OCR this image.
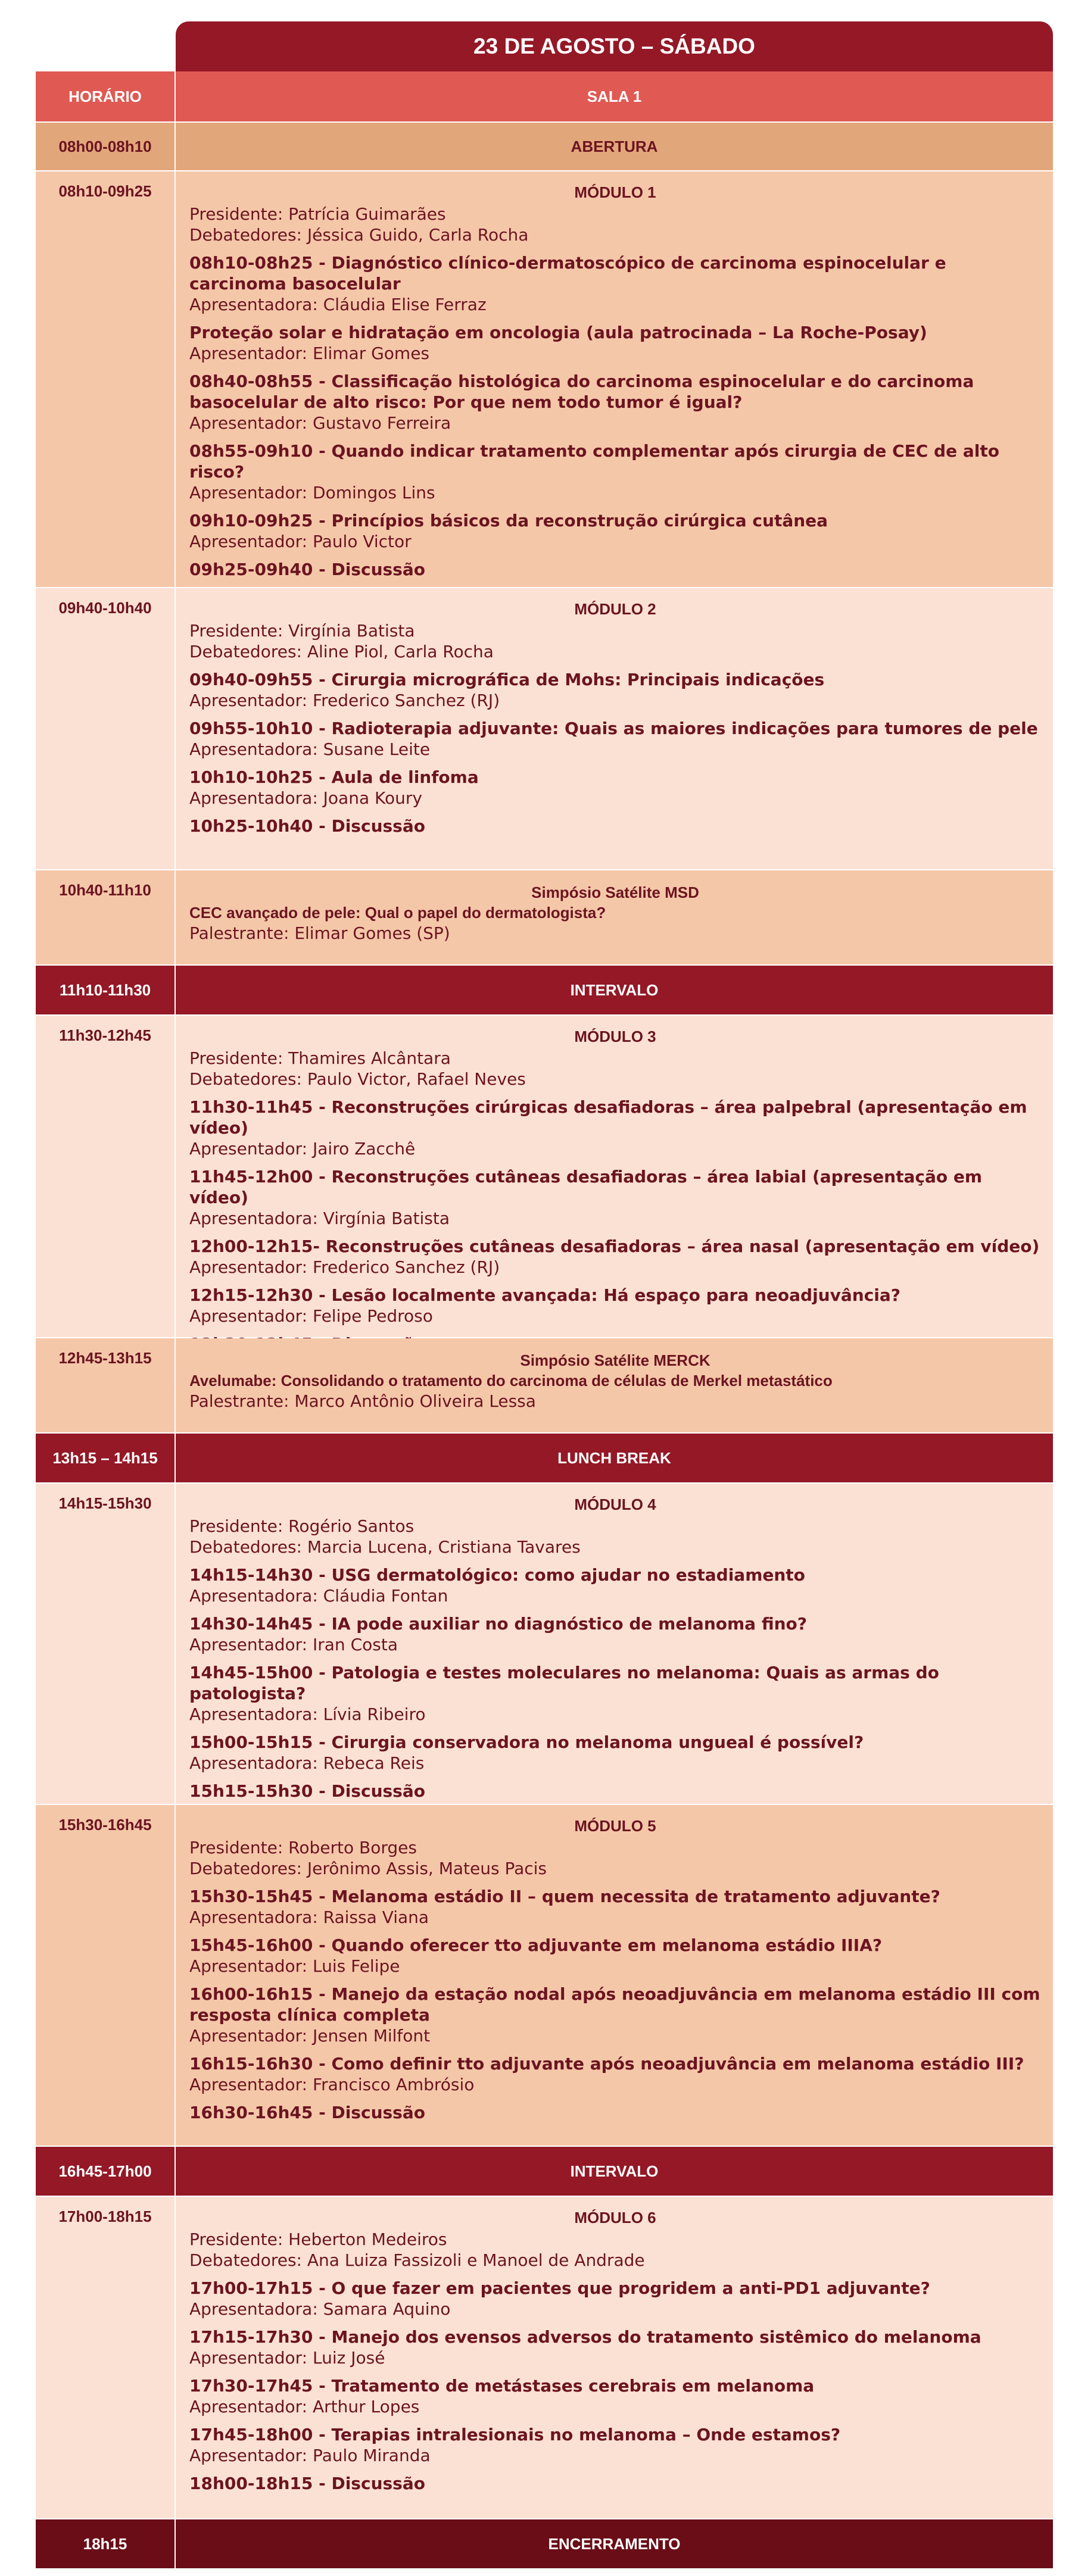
23 DE AGOSTO – SÁBADO
HORÁRIO	SALA 1
08h00-08h10	ABERTURA
08h10-09h25	MÓDULO 1
Presidente: Patrícia Guimarães
Debatedores: Jéssica Guido, Carla Rocha
08h10-08h25 - Diagnóstico clínico-dermatoscópico de carcinoma espinocelular e carcinoma basocelular
Apresentadora: Cláudia Elise Ferraz
Proteção solar e hidratação em oncologia (aula patrocinada – La Roche-Posay)
Apresentador: Elimar Gomes
08h40-08h55 - Classificação histológica do carcinoma espinocelular e do carcinoma basocelular de alto risco: Por que nem todo tumor é igual?
Apresentador: Gustavo Ferreira
08h55-09h10 - Quando indicar tratamento complementar após cirurgia de CEC de alto risco?
Apresentador: Domingos Lins
09h10-09h25 - Princípios básicos da reconstrução cirúrgica cutânea
Apresentador: Paulo Victor
09h25-09h40 - Discussão
09h40-10h40	MÓDULO 2
Presidente: Virgínia Batista
Debatedores: Aline Piol, Carla Rocha
09h40-09h55 - Cirurgia micrográfica de Mohs: Principais indicações
Apresentador: Frederico Sanchez (RJ)
09h55-10h10 - Radioterapia adjuvante: Quais as maiores indicações para tumores de pele
Apresentadora: Susane Leite
10h10-10h25 - Aula de linfoma
Apresentadora: Joana Koury
10h25-10h40 - Discussão
10h40-11h10	Simpósio Satélite MSD
CEC avançado de pele: Qual o papel do dermatologista?
Palestrante: Elimar Gomes (SP)
11h10-11h30	INTERVALO
11h30-12h45	MÓDULO 3
Presidente: Thamires Alcântara
Debatedores: Paulo Victor, Rafael Neves
11h30-11h45 - Reconstruções cirúrgicas desafiadoras – área palpebral (apresentação em vídeo)
Apresentador: Jairo Zacchê
11h45-12h00 - Reconstruções cutâneas desafiadoras – área labial (apresentação em vídeo)
Apresentadora: Virgínia Batista
12h00-12h15- Reconstruções cutâneas desafiadoras – área nasal (apresentação em vídeo)
Apresentador: Frederico Sanchez (RJ)
12h15-12h30 - Lesão localmente avançada: Há espaço para neoadjuvância?
Apresentador: Felipe Pedroso
12h45-13h15	Simpósio Satélite MERCK
Avelumabe: Consolidando o tratamento do carcinoma de células de Merkel metastático
Palestrante: Marco Antônio Oliveira Lessa
13h15 – 14h15	LUNCH BREAK
14h15-15h30	MÓDULO 4
Presidente: Rogério Santos
Debatedores: Marcia Lucena, Cristiana Tavares
14h15-14h30 - USG dermatológico: como ajudar no estadiamento
Apresentadora: Cláudia Fontan
14h30-14h45 - IA pode auxiliar no diagnóstico de melanoma fino?
Apresentador: Iran Costa
14h45-15h00 - Patologia e testes moleculares no melanoma: Quais as armas do patologista?
Apresentadora: Lívia Ribeiro
15h00-15h15 - Cirurgia conservadora no melanoma ungueal é possível?
Apresentadora: Rebeca Reis
15h15-15h30 - Discussão
15h30-16h45	MÓDULO 5
Presidente: Roberto Borges
Debatedores: Jerônimo Assis, Mateus Pacis
15h30-15h45 - Melanoma estádio II – quem necessita de tratamento adjuvante?
Apresentadora: Raissa Viana
15h45-16h00 - Quando oferecer tto adjuvante em melanoma estádio IIIA?
Apresentador: Luis Felipe
16h00-16h15 - Manejo da estação nodal após neoadjuvância em melanoma estádio III com resposta clínica completa
Apresentador: Jensen Milfont
16h15-16h30 - Como definir tto adjuvante após neoadjuvância em melanoma estádio III?
Apresentador: Francisco Ambrósio
16h30-16h45 - Discussão
16h45-17h00	INTERVALO
17h00-18h15	MÓDULO 6
Presidente: Heberton Medeiros
Debatedores: Ana Luiza Fassizoli e Manoel de Andrade
17h00-17h15 - O que fazer em pacientes que progridem a anti-PD1 adjuvante?
Apresentadora: Samara Aquino
17h15-17h30 - Manejo dos evensos adversos do tratamento sistêmico do melanoma
Apresentador: Luiz José
17h30-17h45 - Tratamento de metástases cerebrais em melanoma
Apresentador: Arthur Lopes
17h45-18h00 - Terapias intralesionais no melanoma – Onde estamos?
Apresentador: Paulo Miranda
18h00-18h15 - Discussão
18h15	ENCERRAMENTO
